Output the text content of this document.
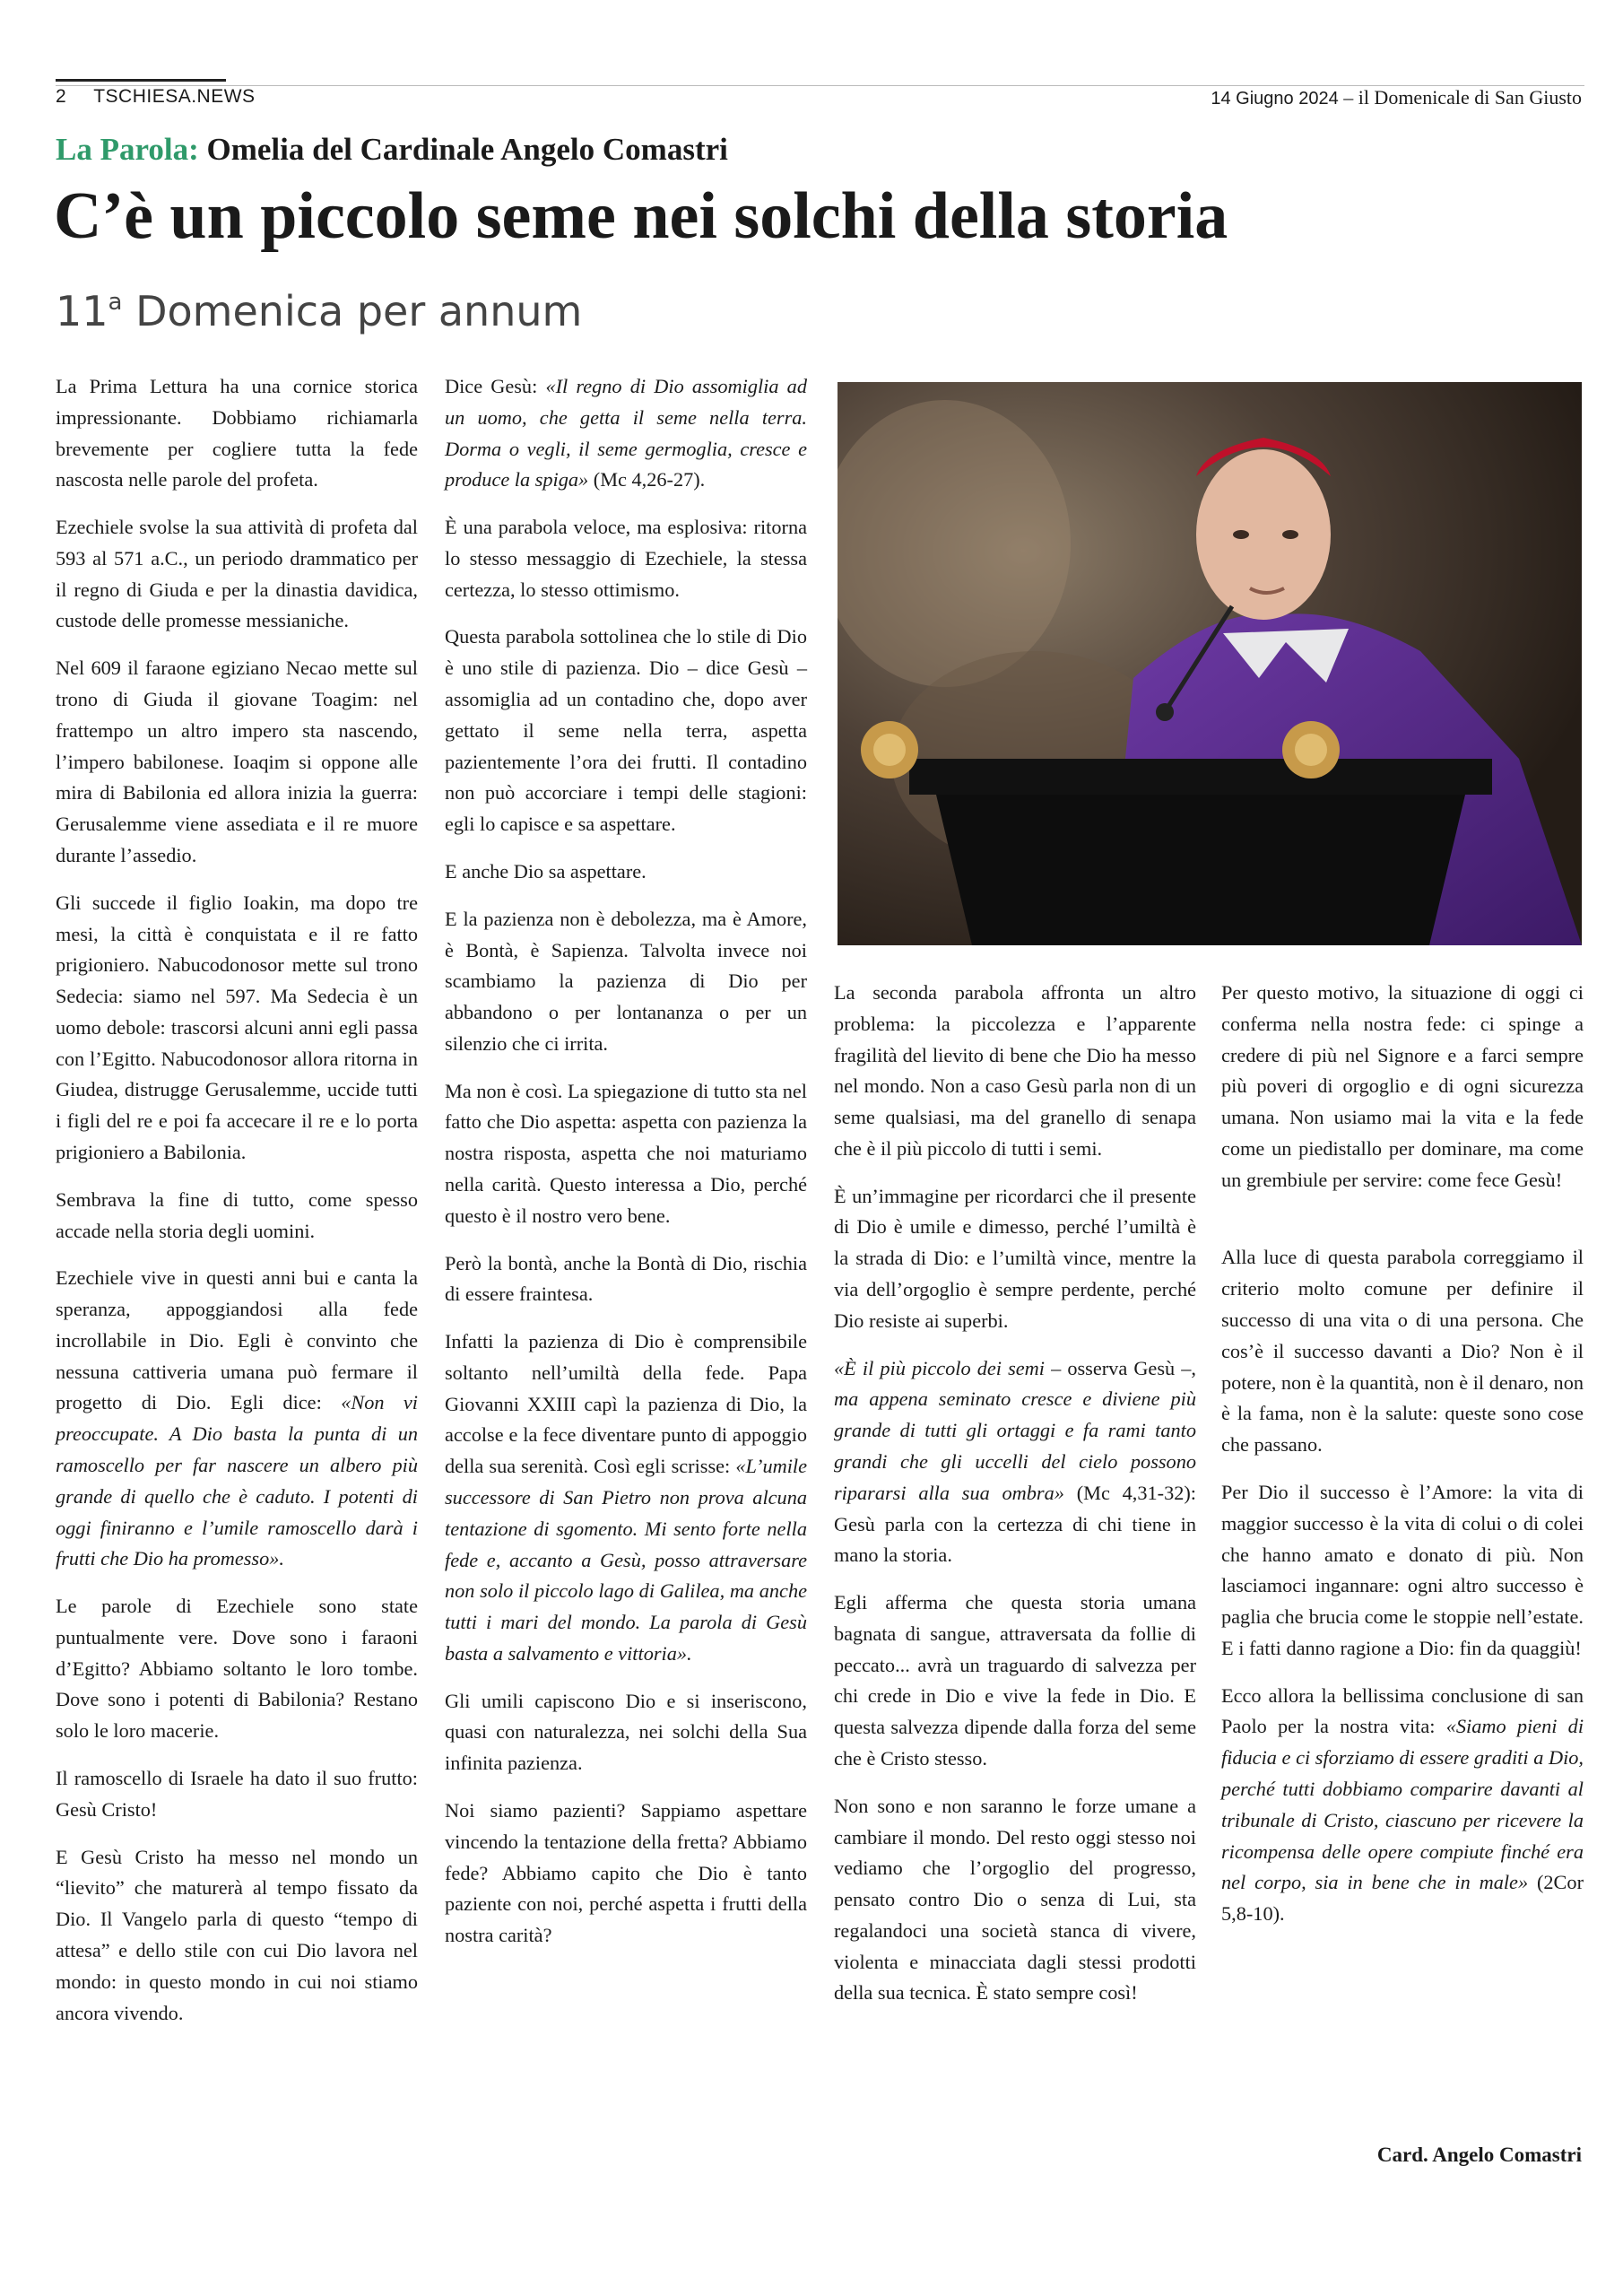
2 TSCHIESA.NEWS	14 Giugno 2024 – il Domenicale di San Giusto
La Parola: Omelia del Cardinale Angelo Comastri
C’è un piccolo seme nei solchi della storia
11$^a$ Domenica per annum

La Prima Lettura ha una cornice storica impressionante. Dobbiamo richiamarla brevemente per cogliere tutta la fede nascosta nelle parole del profeta.

Ezechiele svolse la sua attività di profeta dal 593 al 571 a.C., un periodo drammatico per il regno di Giuda e per la dinastia davidica, custode delle promesse messianiche.

Nel 609 il faraone egiziano Necao mette sul trono di Giuda il giovane Toagim: nel frattempo un altro impero sta nascendo, l’impero babilonese. Ioaqim si oppone alle mira di Babilonia ed allora inizia la guerra: Gerusalemme viene assediata e il re muore durante l’assedio.

Gli succede il figlio Ioakin, ma dopo tre mesi, la città è conquistata e il re fatto prigioniero. Nabucodonosor mette sul trono Sedecia: siamo nel 597. Ma Sedecia è un uomo debole: trascorsi alcuni anni egli passa con l’Egitto. Nabucodonosor allora ritorna in Giudea, distrugge Gerusalemme, uccide tutti i figli del re e poi fa accecare il re e lo porta prigioniero a Babilonia.

Sembrava la fine di tutto, come spesso accade nella storia degli uomini.

Ezechiele vive in questi anni bui e canta la speranza, appoggiandosi alla fede incrollabile in Dio. Egli è convinto che nessuna cattiveria umana può fermare il progetto di Dio. Egli dice: «Non vi preoccupate. A Dio basta la punta di un ramoscello per far nascere un albero più grande di quello che è caduto. I potenti di oggi finiranno e l’umile ramoscello darà i frutti che Dio ha promesso».

Le parole di Ezechiele sono state puntualmente vere. Dove sono i faraoni d’Egitto? Abbiamo soltanto le loro tombe. Dove sono i potenti di Babilonia? Restano solo le loro macerie.

Il ramoscello di Israele ha dato il suo frutto: Gesù Cristo!

E Gesù Cristo ha messo nel mondo un “lievito” che maturerà al tempo fissato da Dio. Il Vangelo parla di questo “tempo di attesa” e dello stile con cui Dio lavora nel mondo: in questo mondo in cui noi stiamo ancora vivendo.

Dice Gesù: «Il regno di Dio assomiglia ad un uomo, che getta il seme nella terra. Dorma o vegli, il seme germoglia, cresce e produce la spiga» (Mc 4,26-27).

È una parabola veloce, ma esplosiva: ritorna lo stesso messaggio di Ezechiele, la stessa certezza, lo stesso ottimismo.

Questa parabola sottolinea che lo stile di Dio è uno stile di pazienza. Dio – dice Gesù – assomiglia ad un contadino che, dopo aver gettato il seme nella terra, aspetta pazientemente l’ora dei frutti. Il contadino non può accorciare i tempi delle stagioni: egli lo capisce e sa aspettare.

E anche Dio sa aspettare.

E la pazienza non è debolezza, ma è Amore, è Bontà, è Sapienza. Talvolta invece noi scambiamo la pazienza di Dio per abbandono o per lontananza o per un silenzio che ci irrita.

Ma non è così. La spiegazione di tutto sta nel fatto che Dio aspetta: aspetta con pazienza la nostra risposta, aspetta che noi maturiamo nella carità. Questo interessa a Dio, perché questo è il nostro vero bene.

Però la bontà, anche la Bontà di Dio, rischia di essere fraintesa.

Infatti la pazienza di Dio è comprensibile soltanto nell’umiltà della fede. Papa Giovanni XXIII capì la pazienza di Dio, la accolse e la fece diventare punto di appoggio della sua serenità. Così egli scrisse: «L’umile successore di San Pietro non prova alcuna tentazione di sgomento. Mi sento forte nella fede e, accanto a Gesù, posso attraversare non solo il piccolo lago di Galilea, ma anche tutti i mari del mondo. La parola di Gesù basta a salvamento e vittoria».

Gli umili capiscono Dio e si inseriscono, quasi con naturalezza, nei solchi della Sua infinita pazienza.

Noi siamo pazienti? Sappiamo aspettare vincendo la tentazione della fretta? Abbiamo fede? Abbiamo capito che Dio è tanto paziente con noi, perché aspetta i frutti della nostra carità?

La seconda parabola affronta un altro problema: la piccolezza e l’apparente fragilità del lievito di bene che Dio ha messo nel mondo. Non a caso Gesù parla non di un seme qualsiasi, ma del granello di senapa che è il più piccolo di tutti i semi.

È un’immagine per ricordarci che il presente di Dio è umile e dimesso, perché l’umiltà è la strada di Dio: e l’umiltà vince, mentre la via dell’orgoglio è sempre perdente, perché Dio resiste ai superbi.

«È il più piccolo dei semi – osserva Gesù –, ma appena seminato cresce e diviene più grande di tutti gli ortaggi e fa rami tanto grandi che gli uccelli del cielo possono ripararsi alla sua ombra» (Mc 4,31-32): Gesù parla con la certezza di chi tiene in mano la storia.

Egli afferma che questa storia umana bagnata di sangue, attraversata da follie di peccato... avrà un traguardo di salvezza per chi crede in Dio e vive la fede in Dio. E questa salvezza dipende dalla forza del seme che è Cristo stesso.

Non sono e non saranno le forze umane a cambiare il mondo. Del resto oggi stesso noi vediamo che l’orgoglio del progresso, pensato contro Dio o senza di Lui, sta regalandoci una società stanca di vivere, violenta e minacciata dagli stessi prodotti della sua tecnica. È stato sempre così!

Per questo motivo, la situazione di oggi ci conferma nella nostra fede: ci spinge a credere di più nel Signore e a farci sempre più poveri di orgoglio e di ogni sicurezza umana. Non usiamo mai la vita e la fede come un piedistallo per dominare, ma come un grembiule per servire: come fece Gesù!

Alla luce di questa parabola correggiamo il criterio molto comune per definire il successo di una vita o di una persona. Che cos’è il successo davanti a Dio? Non è il potere, non è la quantità, non è il denaro, non è la fama, non è la salute: queste sono cose che passano.

Per Dio il successo è l’Amore: la vita di maggior successo è la vita di colui o di colei che hanno amato e donato di più. Non lasciamoci ingannare: ogni altro successo è paglia che brucia come le stoppie nell’estate. E i fatti danno ragione a Dio: fin da quaggiù!

Ecco allora la bellissima conclusione di san Paolo per la nostra vita: «Siamo pieni di fiducia e ci sforziamo di essere graditi a Dio, perché tutti dobbiamo comparire davanti al tribunale di Cristo, ciascuno per ricevere la ricompensa delle opere compiute finché era nel corpo, sia in bene che in male» (2Cor 5,8-10).

Card. Angelo Comastri
